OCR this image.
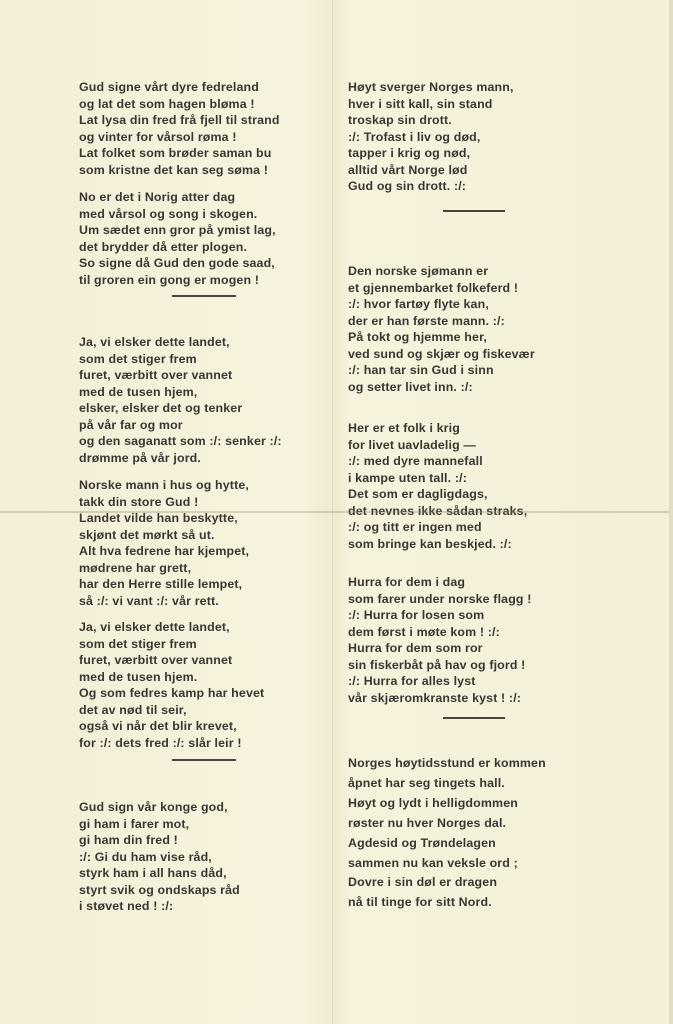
Gud signe vårt dyre fedreland
og lat det som hagen bløma !
Lat lysa din fred frå fjell til strand
og vinter for vårsol røma !
Lat folket som brøder saman bu
som kristne det kan seg søma !
No er det i Norig atter dag
med vårsol og song i skogen.
Um sædet enn gror på ymist lag,
det brydder då etter plogen.
So signe då Gud den gode saad,
til groren ein gong er mogen !
Ja, vi elsker dette landet,
som det stiger frem
furet, værbitt over vannet
med de tusen hjem,
elsker, elsker det og tenker
på vår far og mor
og den saganatt som :/: senker :/:
drømme på vår jord.
Norske mann i hus og hytte,
takk din store Gud !
Landet vilde han beskytte,
skjønt det mørkt så ut.
Alt hva fedrene har kjempet,
mødrene har grett,
har den Herre stille lempet,
så :/: vi vant :/: vår rett.
Ja, vi elsker dette landet,
som det stiger frem
furet, værbitt over vannet
med de tusen hjem.
Og som fedres kamp har hevet
det av nød til seir,
også vi når det blir krevet,
for :/: dets fred :/: slår leir !
Gud sign vår konge god,
gi ham i farer mot,
gi ham din fred !
:/: Gi du ham vise råd,
styrk ham i all hans dåd,
styrt svik og ondskaps råd
i støvet ned ! :/:
Høyt sverger Norges mann,
hver i sitt kall, sin stand
troskap sin drott.
:/: Trofast i liv og død,
tapper i krig og nød,
alltid vårt Norge lød
Gud og sin drott. :/:
Den norske sjømann er
et gjennembarket folkeferd !
:/: hvor fartøy flyte kan,
der er han første mann. :/:
På tokt og hjemme her,
ved sund og skjær og fiskevær
:/: han tar sin Gud i sinn
og setter livet inn. :/:
Her er et folk i krig
for livet uavladelig —
:/: med dyre mannefall
i kampe uten tall. :/:
Det som er dagligdags,
det nevnes ikke sådan straks,
:/: og titt er ingen med
som bringe kan beskjed. :/:
Hurra for dem i dag
som farer under norske flagg !
:/: Hurra for losen som
dem først i møte kom ! :/:
Hurra for dem som ror
sin fiskerbåt på hav og fjord !
:/: Hurra for alles lyst
vår skjæromkranste kyst ! :/:
Norges høytidsstund er kommen
åpnet har seg tingets hall.
Høyt og lydt i helligdommen
røster nu hver Norges dal.
Agdesid og Trøndelagen
sammen nu kan veksle ord ;
Dovre i sin døl er dragen
nå til tinge for sitt Nord.
